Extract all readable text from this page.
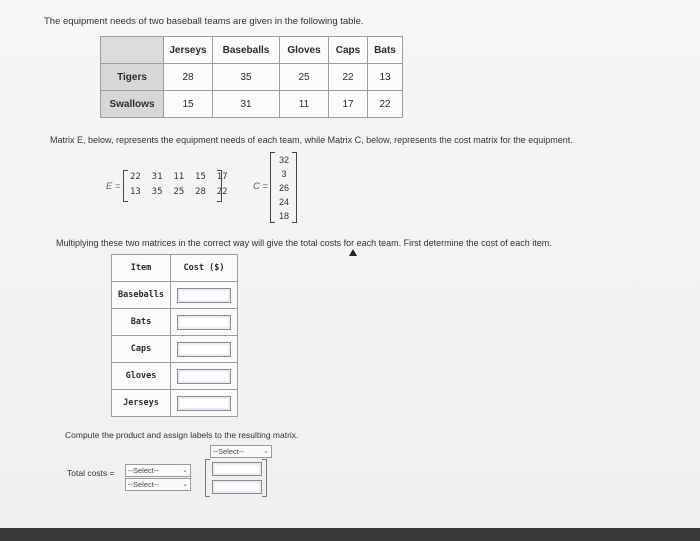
The equipment needs of two baseball teams are given in the following table.
	Jerseys	Baseballs	Gloves	Caps	Bats
Tigers	28	35	25	22	13
Swallows	15	31	11	17	22
Matrix E, below, represents the equipment needs of each team, while Matrix C, below, represents the cost matrix for the equipment.
E =
22  31  11  15  17
13  35  25  28  22	C =
32
3
26
24
18
Multiplying these two matrices in the correct way will give the total costs for each team. First determine the cost of each item.
Item	Cost ($)
Baseballs	

Bats	

Caps	

Gloves	

Jerseys	
Compute the product and assign labels to the resulting matrix.
--Select--	⌄
Total costs =	--Select--	⌄
--Select--	⌄
